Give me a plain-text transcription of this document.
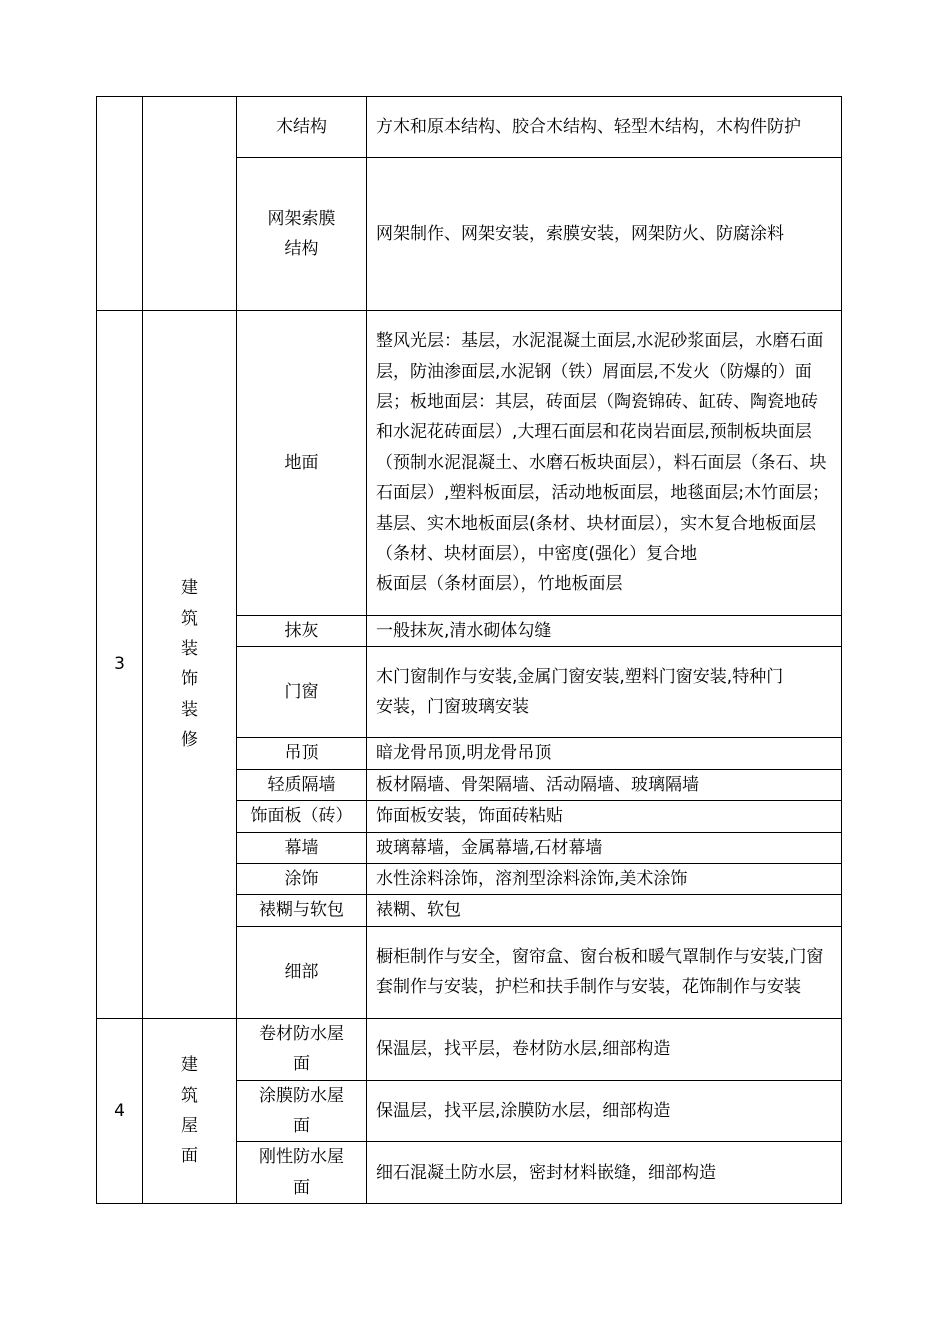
		木结构	方木和原本结构、胶合木结构、轻型木结构，木构件防护
		网架索膜结构	网架制作、网架安装，索膜安装，网架防火、防腐涂料
3	建筑装饰装修	地面	整风光层：基层，水泥混凝土面层,水泥砂浆面层，水磨石面层，防油渗面层,水泥钢（铁）屑面层,不发火（防爆的）面层；板地面层：其层，砖面层（陶瓷锦砖、缸砖、陶瓷地砖和水泥花砖面层）,大理石面层和花岗岩面层,预制板块面层（预制水泥混凝土、水磨石板块面层），料石面层（条石、块石面层）,塑料板面层，活动地板面层，地毯面层;木竹面层；基层、实木地板面层(条材、块材面层），实木复合地板面层（条材、块材面层），中密度(强化）复合地
板面层（条材面层），竹地板面层

		抹灰	一般抹灰,清水砌体勾缝
		门窗	木门窗制作与安装,金属门窗安装,塑料门窗安装,特种门
安装，门窗玻璃安装

		吊顶	暗龙骨吊顶,明龙骨吊顶
		轻质隔墙	板材隔墙、骨架隔墙、活动隔墙、玻璃隔墙
		饰面板（砖）	饰面板安装，饰面砖粘贴
		幕墙	玻璃幕墙，金属幕墙,石材幕墙
		涂饰	水性涂料涂饰，溶剂型涂料涂饰,美术涂饰
		裱糊与软包	裱糊、软包
		细部	橱柜制作与安全，窗帘盒、窗台板和暖气罩制作与安装,门窗套制作与安装，护栏和扶手制作与安装，花饰制作与安装
4	建筑屋面	卷材防水屋面	保温层，找平层，卷材防水层,细部构造
		涂膜防水屋面	保温层，找平层,涂膜防水层，细部构造
		刚性防水屋面	细石混凝土防水层，密封材料嵌缝，细部构造
